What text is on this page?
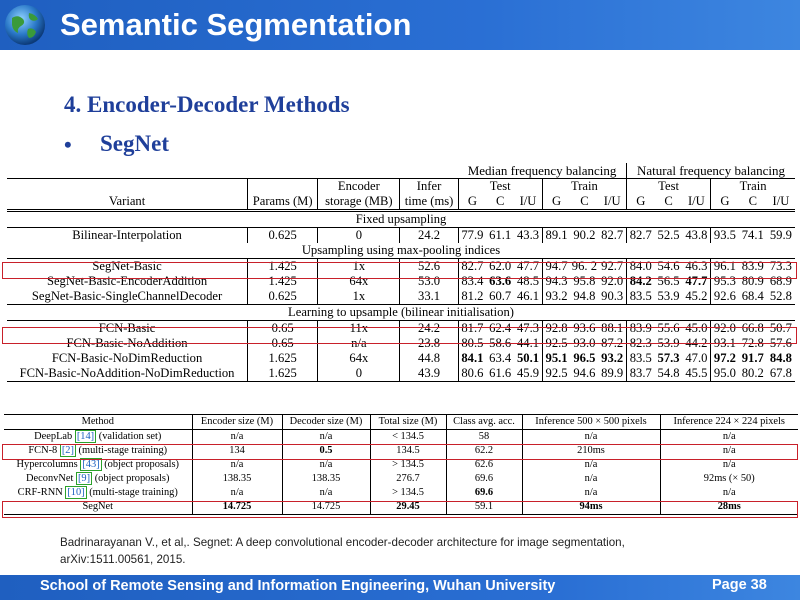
Semantic Segmentation
4. Encoder-Decoder Methods
• SegNet
				Median frequency balancing						Natural frequency balancing					
		Encoder	Infer	Test			Train			Test			Train		
Variant	Params (M)	storage (MB)	time (ms)	G	C	I/U	G	C	I/U	G	C	I/U	G	C	I/U
Fixed upsampling															
Bilinear-Interpolation	0.625	0	24.2	77.9	61.1	43.3	89.1	90.2	82.7	82.7	52.5	43.8	93.5	74.1	59.9
Upsampling using max-pooling indices															
SegNet-Basic	1.425	1x	52.6	82.7	62.0	47.7	94.7	96. 2	92.7	84.0	54.6	46.3	96.1	83.9	73.3
SegNet-Basic-EncoderAddition	1.425	64x	53.0	83.4	63.6	48.5	94.3	95.8	92.0	84.2	56.5	47.7	95.3	80.9	68.9
SegNet-Basic-SingleChannelDecoder	0.625	1x	33.1	81.2	60.7	46.1	93.2	94.8	90.3	83.5	53.9	45.2	92.6	68.4	52.8
Learning to upsample (bilinear initialisation)															
FCN-Basic	0.65	11x	24.2	81.7	62.4	47.3	92.8	93.6	88.1	83.9	55.6	45.0	92.0	66.8	50.7
FCN-Basic-NoAddition	0.65	n/a	23.8	80.5	58.6	44.1	92.5	93.0	87.2	82.3	53.9	44.2	93.1	72.8	57.6
FCN-Basic-NoDimReduction	1.625	64x	44.8	84.1	63.4	50.1	95.1	96.5	93.2	83.5	57.3	47.0	97.2	91.7	84.8
FCN-Basic-NoAddition-NoDimReduction	1.625	0	43.9	80.6	61.6	45.9	92.5	94.6	89.9	83.7	54.8	45.5	95.0	80.2	67.8
Method	Encoder size (M)	Decoder size (M)	Total size (M)	Class avg. acc.	Inference 500 × 500 pixels	Inference 224 × 224 pixels
DeepLab [14] (validation set)	n/a	n/a	< 134.5	58	n/a	n/a
FCN-8 [2] (multi-stage training)	134	0.5	134.5	62.2	210ms	n/a
Hypercolumns [43] (object proposals)	n/a	n/a	> 134.5	62.6	n/a	n/a
DeconvNet [9] (object proposals)	138.35	138.35	276.7	69.6	n/a	92ms (× 50)
CRF-RNN [10] (multi-stage training)	n/a	n/a	> 134.5	69.6	n/a	n/a
SegNet	14.725	14.725	29.45	59.1	94ms	28ms
Badrinarayanan V., et al,. Segnet: A deep convolutional encoder-decoder architecture for image segmentation,
arXiv:1511.00561, 2015.
School of Remote Sensing and Information Engineering, Wuhan University	Page 38
